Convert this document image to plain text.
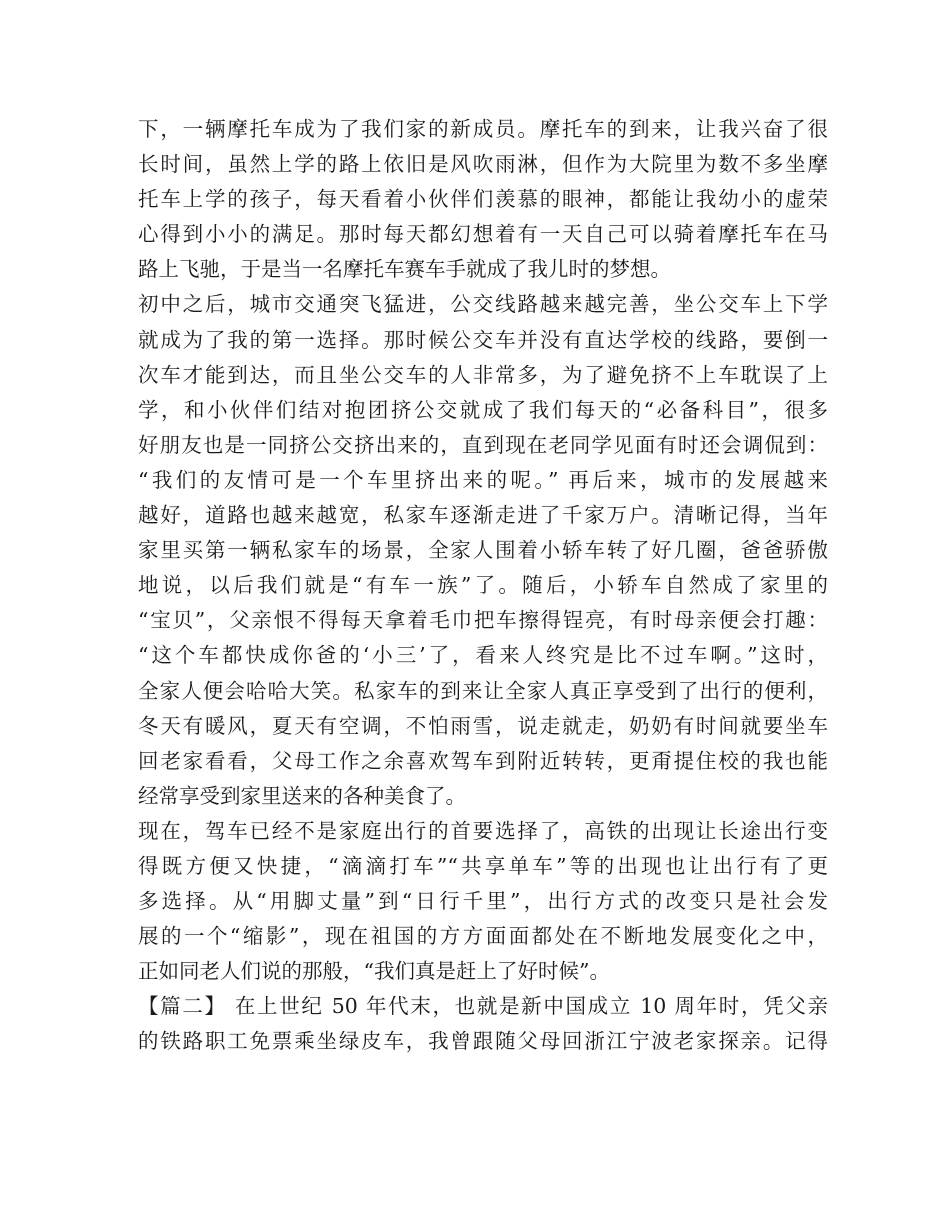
下，一辆摩托车成为了我们家的新成员。摩托车的到来，让我兴奋了很
长时间，虽然上学的路上依旧是风吹雨淋，但作为大院里为数不多坐摩
托车上学的孩子，每天看着小伙伴们羡慕的眼神，都能让我幼小的虚荣
心得到小小的满足。那时每天都幻想着有一天自己可以骑着摩托车在马
路上飞驰，于是当一名摩托车赛车手就成了我儿时的梦想。
初中之后，城市交通突飞猛进，公交线路越来越完善，坐公交车上下学
就成为了我的第一选择。那时候公交车并没有直达学校的线路，要倒一
次车才能到达，而且坐公交车的人非常多，为了避免挤不上车耽误了上
学，和小伙伴们结对抱团挤公交就成了我们每天的“必备科目”，很多
好朋友也是一同挤公交挤出来的，直到现在老同学见面有时还会调侃到：
“我们的友情可是一个车里挤出来的呢。” 再后来，城市的发展越来
越好，道路也越来越宽，私家车逐渐走进了千家万户。清晰记得，当年
家里买第一辆私家车的场景，全家人围着小轿车转了好几圈，爸爸骄傲
地说，以后我们就是“有车一族”了。随后，小轿车自然成了家里的
“宝贝”，父亲恨不得每天拿着毛巾把车擦得锃亮，有时母亲便会打趣：
“这个车都快成你爸的‘小三’了，看来人终究是比不过车啊。”这时，
全家人便会哈哈大笑。私家车的到来让全家人真正享受到了出行的便利，
冬天有暖风，夏天有空调，不怕雨雪，说走就走，奶奶有时间就要坐车
回老家看看，父母工作之余喜欢驾车到附近转转，更甭提住校的我也能
经常享受到家里送来的各种美食了。
现在，驾车已经不是家庭出行的首要选择了，高铁的出现让长途出行变
得既方便又快捷，“滴滴打车”“共享单车”等的出现也让出行有了更
多选择。从“用脚丈量”到“日行千里”，出行方式的改变只是社会发
展的一个“缩影”，现在祖国的方方面面都处在不断地发展变化之中，
正如同老人们说的那般，“我们真是赶上了好时候”。
【篇二】 在上世纪 50 年代末，也就是新中国成立 10 周年时，凭父亲
的铁路职工免票乘坐绿皮车，我曾跟随父母回浙江宁波老家探亲。记得
